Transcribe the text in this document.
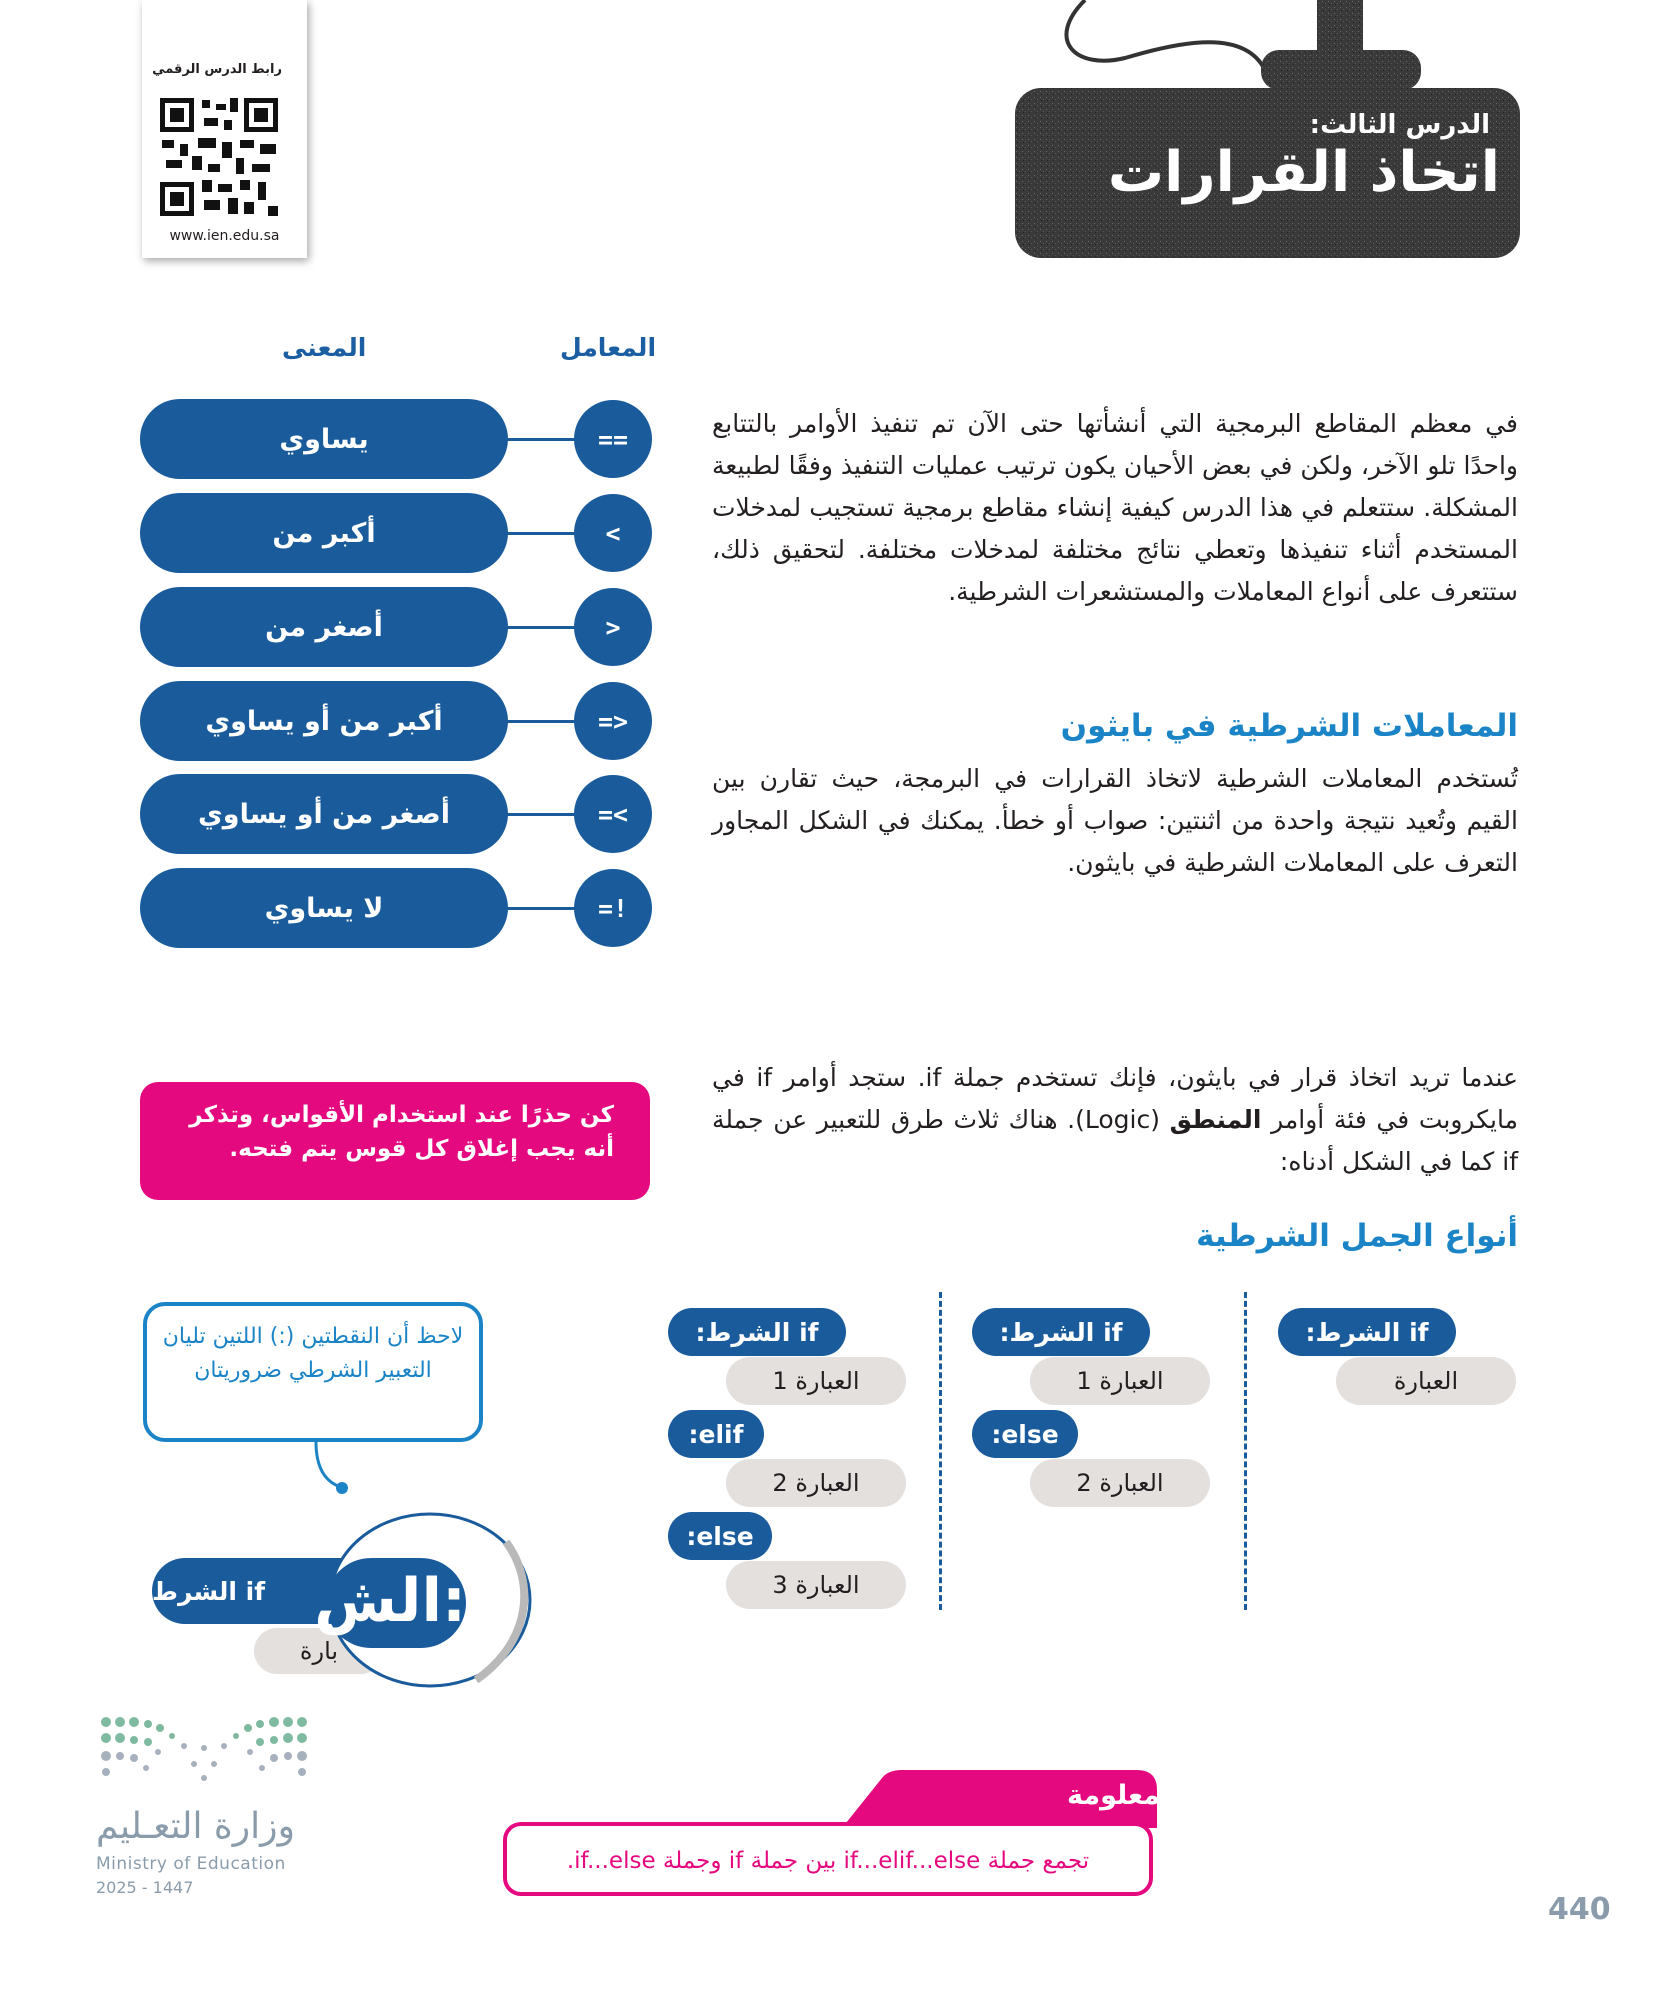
رابط الدرس الرقمي
www.ien.edu.sa
الدرس الثالث:
اتخاذ القرارات
المعامل
المعنى
يساوي	==
أكبر من	<
أصغر من	>
أكبر من أو يساوي	=>
أصغر من أو يساوي	=<
لا يساوي	=!
في معظم المقاطع البرمجية التي أنشأتها حتى الآن تم تنفيذ الأوامر بالتتابع واحدًا تلو الآخر، ولكن في بعض الأحيان يكون ترتيب عمليات التنفيذ وفقًا لطبيعة المشكلة. ستتعلم في هذا الدرس كيفية إنشاء مقاطع برمجية تستجيب لمدخلات المستخدم أثناء تنفيذها وتعطي نتائج مختلفة لمدخلات مختلفة. لتحقيق ذلك، ستتعرف على أنواع المعاملات والمستشعرات الشرطية.
المعاملات الشرطية في بايثون
تُستخدم المعاملات الشرطية لاتخاذ القرارات في البرمجة، حيث تقارن بين القيم وتُعيد نتيجة واحدة من اثنتين: صواب أو خطأ. يمكنك في الشكل المجاور التعرف على المعاملات الشرطية في بايثون.
عندما تريد اتخاذ قرار في بايثون، فإنك تستخدم جملة if. ستجد أوامر if في مايكروبت في فئة أوامر المنطق (Logic). هناك ثلاث طرق للتعبير عن جملة if كما في الشكل أدناه:
كن حذرًا عند استخدام الأقواس، وتذكر أنه يجب إغلاق كل قوس يتم فتحه.
أنواع الجمل الشرطية
if الشرط:
العبارة
if الشرط:
العبارة 1
else:
العبارة 2
if الشرط:
العبارة 1
elif:
العبارة 2
else:
العبارة 3
لاحظ أن النقطتين (:) اللتين تليان التعبير الشرطي ضروريتان
بارة
if الشرط :الش
وزارة التعـليم
Ministry of Education
2025 - 1447
معلومة
تجمع جملة if...elif...else بين جملة if وجملة if...else.
440
